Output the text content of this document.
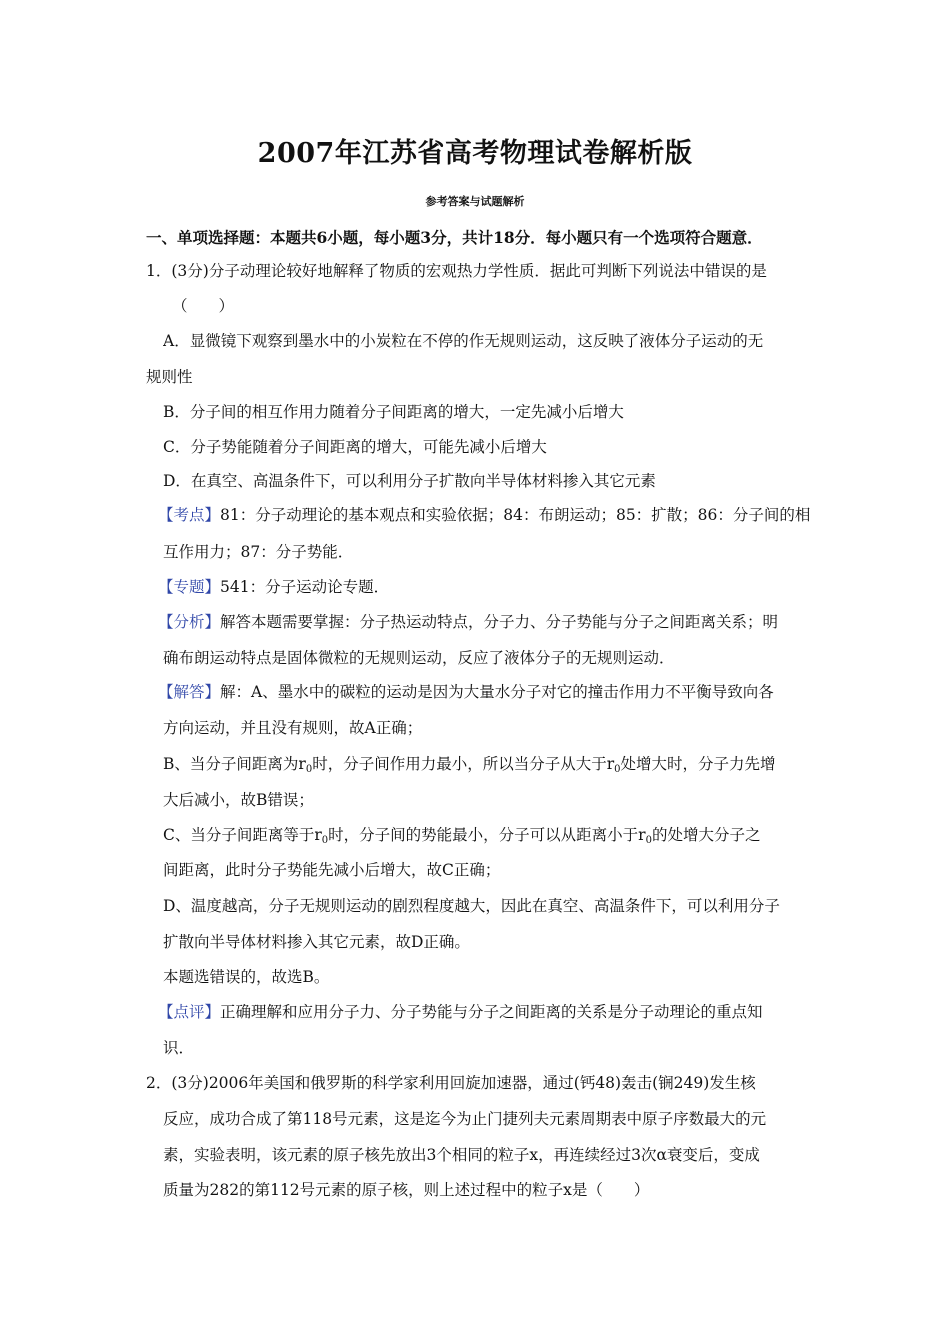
2007年江苏省高考物理试卷解析版
参考答案与试题解析
一、单项选择题：本题共6小题，每小题3分，共计18分．每小题只有一个选项符合题意．
1．(3分)分子动理论较好地解释了物质的宏观热力学性质．据此可判断下列说法中错误的是
（　　）
A．显微镜下观察到墨水中的小炭粒在不停的作无规则运动，这反映了液体分子运动的无
规则性
B．分子间的相互作用力随着分子间距离的增大，一定先减小后增大
C．分子势能随着分子间距离的增大，可能先减小后增大
D．在真空、高温条件下，可以利用分子扩散向半导体材料掺入其它元素
【考点】81：分子动理论的基本观点和实验依据；84：布朗运动；85：扩散；86：分子间的相
互作用力；87：分子势能．
【专题】541：分子运动论专题．
【分析】解答本题需要掌握：分子热运动特点，分子力、分子势能与分子之间距离关系；明
确布朗运动特点是固体微粒的无规则运动，反应了液体分子的无规则运动．
【解答】解：A、墨水中的碳粒的运动是因为大量水分子对它的撞击作用力不平衡导致向各
方向运动，并且没有规则，故A正确；
B、当分子间距离为$r_0$时，分子间作用力最小，所以当分子从大于$r_0$处增大时，分子力先增
大后减小，故B错误；
C、当分子间距离等于$r_0$时，分子间的势能最小，分子可以从距离小于$r_0$的处增大分子之
间距离，此时分子势能先减小后增大，故C正确；
D、温度越高，分子无规则运动的剧烈程度越大，因此在真空、高温条件下，可以利用分子
扩散向半导体材料掺入其它元素，故D正确。
本题选错误的，故选B。
【点评】正确理解和应用分子力、分子势能与分子之间距离的关系是分子动理论的重点知
识．
2．(3分)2006年美国和俄罗斯的科学家利用回旋加速器，通过(钙48)轰击(锎249)发生核
反应，成功合成了第118号元素，这是迄今为止门捷列夫元素周期表中原子序数最大的元
素，实验表明，该元素的原子核先放出3个相同的粒子x，再连续经过3次α衰变后，变成
质量为282的第112号元素的原子核，则上述过程中的粒子x是（　　）
